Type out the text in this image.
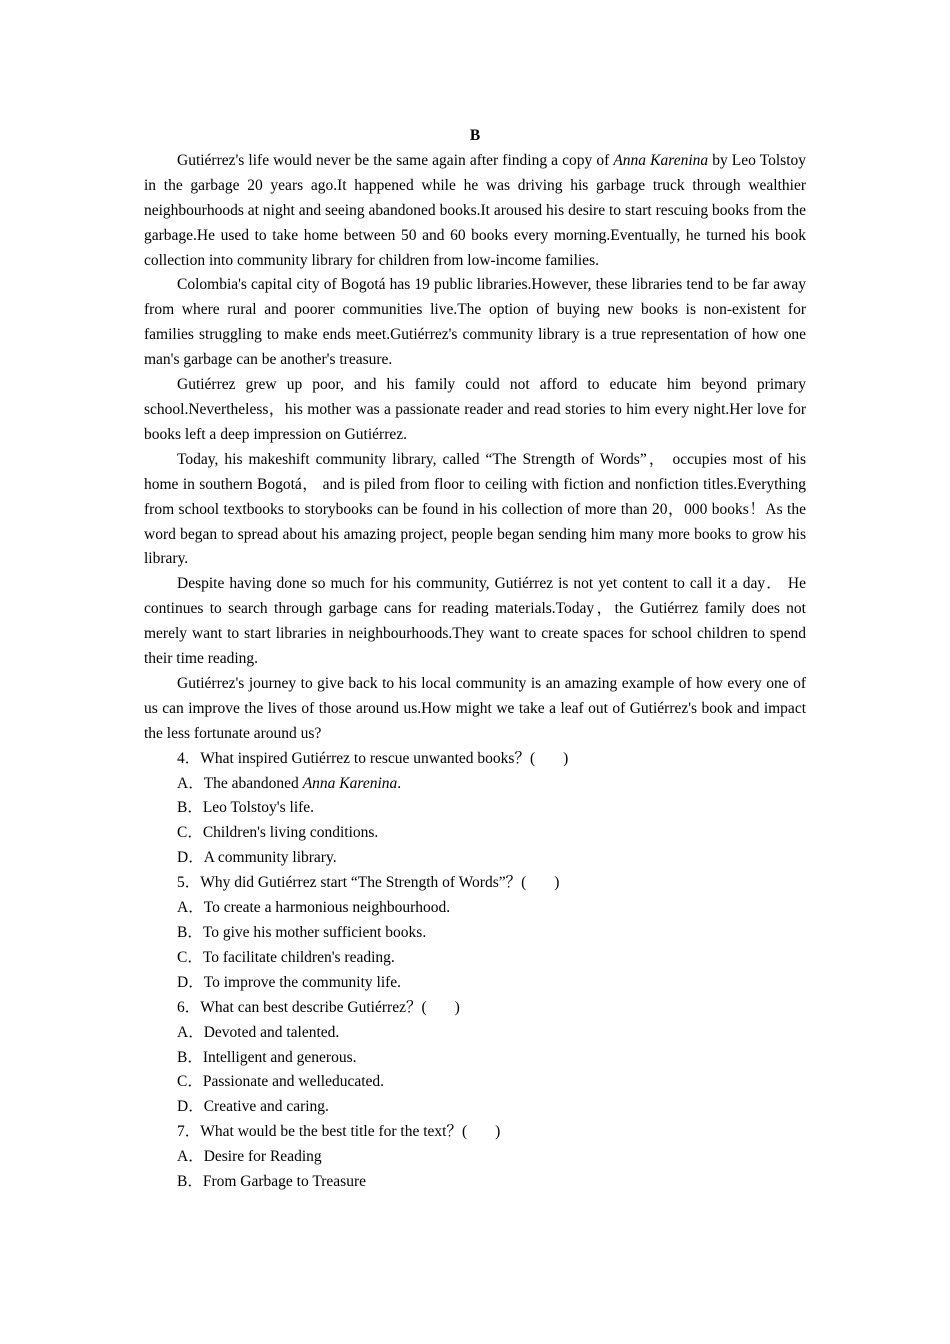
B

Gutiérrez's life would never be the same again after finding a copy of Anna Karenina by Leo Tolstoy in the garbage 20 years ago.It happened while he was driving his garbage truck through wealthier neighbourhoods at night and seeing abandoned books.It aroused his desire to start rescuing books from the garbage.He used to take home between 50 and 60 books every morning.Eventually, he turned his book collection into community library for children from low-income families.

Colombia's capital city of Bogotá has 19 public libraries.However, these libraries tend to be far away from where rural and poorer communities live.The option of buying new books is non-existent for families struggling to make ends meet.Gutiérrez's community library is a true representation of how one man's garbage can be another's treasure.

Gutiérrez grew up poor, and his family could not afford to educate him beyond primary school.Nevertheless，his mother was a passionate reader and read stories to him every night.Her love for books left a deep impression on Gutiérrez.

Today, his makeshift community library, called “The Strength of Words”， occupies most of his home in southern Bogotá， and is piled from floor to ceiling with fiction and nonfiction titles.Everything from school textbooks to storybooks can be found in his collection of more than 20，000 books！As the word began to spread about his amazing project, people began sending him many more books to grow his library.

Despite having done so much for his community, Gutiérrez is not yet content to call it a day． He continues to search through garbage cans for reading materials.Today，the Gutiérrez family does not merely want to start libraries in neighbourhoods.They want to create spaces for school children to spend their time reading.

Gutiérrez's journey to give back to his local community is an amazing example of how every one of us can improve the lives of those around us.How might we take a leaf out of Gutiérrez's book and impact the less fortunate around us?

4．What inspired Gutiérrez to rescue unwanted books？( )

A．The abandoned Anna Karenina.

B．Leo Tolstoy's life.

C．Children's living conditions.

D．A community library.

5．Why did Gutiérrez start “The Strength of Words”？( )

A．To create a harmonious neighbourhood.

B．To give his mother sufficient books.

C．To facilitate children's reading.

D．To improve the community life.

6．What can best describe Gutiérrez？( )

A．Devoted and talented.

B．Intelligent and generous.

C．Passionate and welleducated.

D．Creative and caring.

7．What would be the best title for the text？( )

A．Desire for Reading

B．From Garbage to Treasure
